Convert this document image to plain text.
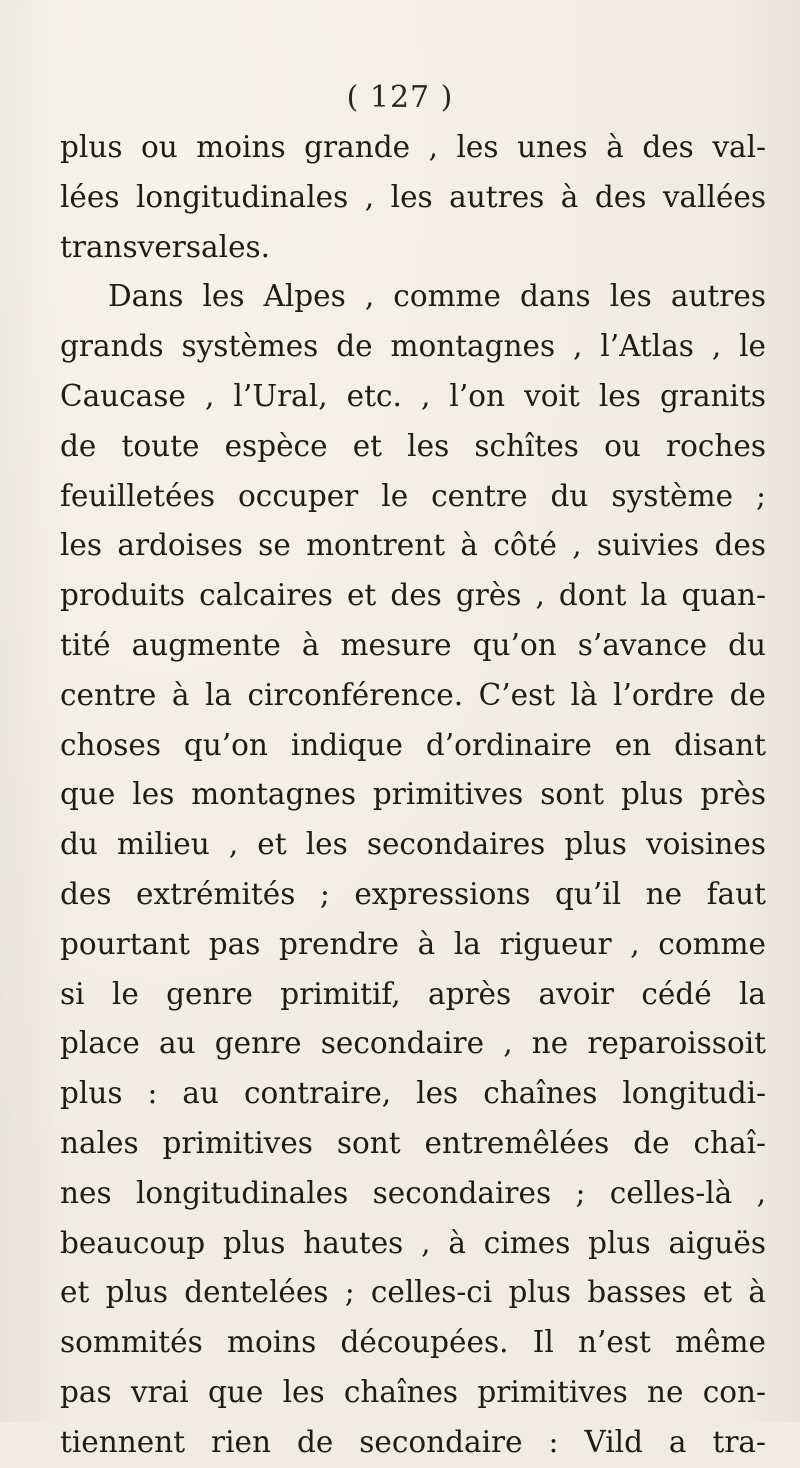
( 127 )
plus ou moins grande , les unes à des val-
lées longitudinales , les autres à des vallées
transversales.
Dans les Alpes , comme dans les autres
grands systèmes de montagnes , l’Atlas , le
Caucase , l’Ural, etc. , l’on voit les granits
de toute espèce et les schîtes ou roches
feuilletées occuper le centre du système ;
les ardoises se montrent à côté , suivies des
produits calcaires et des grès , dont la quan-
tité augmente à mesure qu’on s’avance du
centre à la circonférence. C’est là l’ordre de
choses qu’on indique d’ordinaire en disant
que les montagnes primitives sont plus près
du milieu , et les secondaires plus voisines
des extrémités ; expressions qu’il ne faut
pourtant pas prendre à la rigueur , comme
si le genre primitif, après avoir cédé la
place au genre secondaire , ne reparoissoit
plus : au contraire, les chaînes longitudi-
nales primitives sont entremêlées de chaî-
nes longitudinales secondaires ; celles-là ,
beaucoup plus hautes , à cimes plus aiguës
et plus dentelées ; celles-ci plus basses et à
sommités moins découpées. Il n’est même
pas vrai que les chaînes primitives ne con-
tiennent rien de secondaire : Vild a tra-
